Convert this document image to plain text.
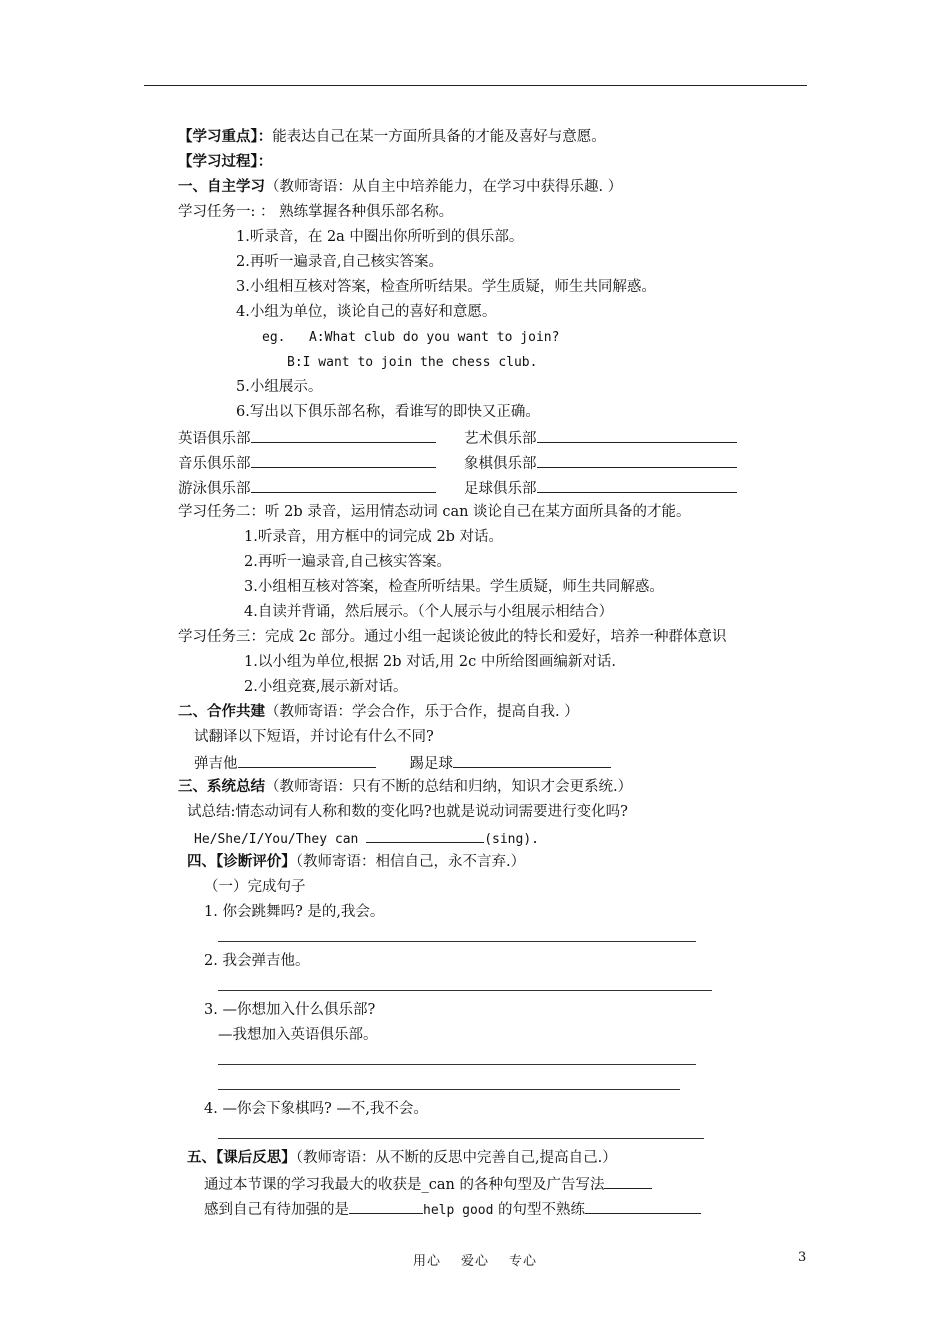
【学习重点】：能表达自己在某一方面所具备的才能及喜好与意愿。
【学习过程】：
一、自主学习（教师寄语：从自主中培养能力，在学习中获得乐趣. ）
学习任务一: ： 熟练掌握各种俱乐部名称。
1.听录音，在 2a 中圈出你所听到的俱乐部。
2.再听一遍录音,自己核实答案。
3.小组相互核对答案，检查所听结果。学生质疑，师生共同解惑。
4.小组为单位，谈论自己的喜好和意愿。
eg. A:What club do you want to join?
B:I want to join the chess club.
5.小组展示。
6.写出以下俱乐部名称，看谁写的即快又正确。
英语俱乐部	艺术俱乐部
音乐俱乐部	象棋俱乐部
游泳俱乐部	足球俱乐部
学习任务二：听 2b 录音，运用情态动词 can 谈论自己在某方面所具备的才能。
1.听录音，用方框中的词完成 2b 对话。
2.再听一遍录音,自己核实答案。
3.小组相互核对答案，检查所听结果。学生质疑，师生共同解惑。
4.自读并背诵，然后展示。（个人展示与小组展示相结合）
学习任务三：完成 2c 部分。通过小组一起谈论彼此的特长和爱好，培养一种群体意识
1.以小组为单位,根据 2b 对话,用 2c 中所给图画编新对话.
2.小组竞赛,展示新对话。
二、合作共建（教师寄语：学会合作，乐于合作，提高自我. ）
试翻译以下短语，并讨论有什么不同?
弹吉他	踢足球
三、系统总结（教师寄语：只有不断的总结和归纳，知识才会更系统.）
试总结:情态动词有人称和数的变化吗?也就是说动词需要进行变化吗?
He/She/I/You/They can	(sing).
四、【诊断评价】（教师寄语：相信自己，永不言弃.）
（一）完成句子
1. 你会跳舞吗? 是的,我会。
2. 我会弹吉他。
3. —你想加入什么俱乐部?
—我想加入英语俱乐部。
4. —你会下象棋吗? —不,我不会。
五、【课后反思】（教师寄语：从不断的反思中完善自己,提高自己.）
通过本节课的学习我最大的收获是_can 的各种句型及广告写法
感到自己有待加强的是	help good 的句型不熟练
用心 爱心 专心	3
